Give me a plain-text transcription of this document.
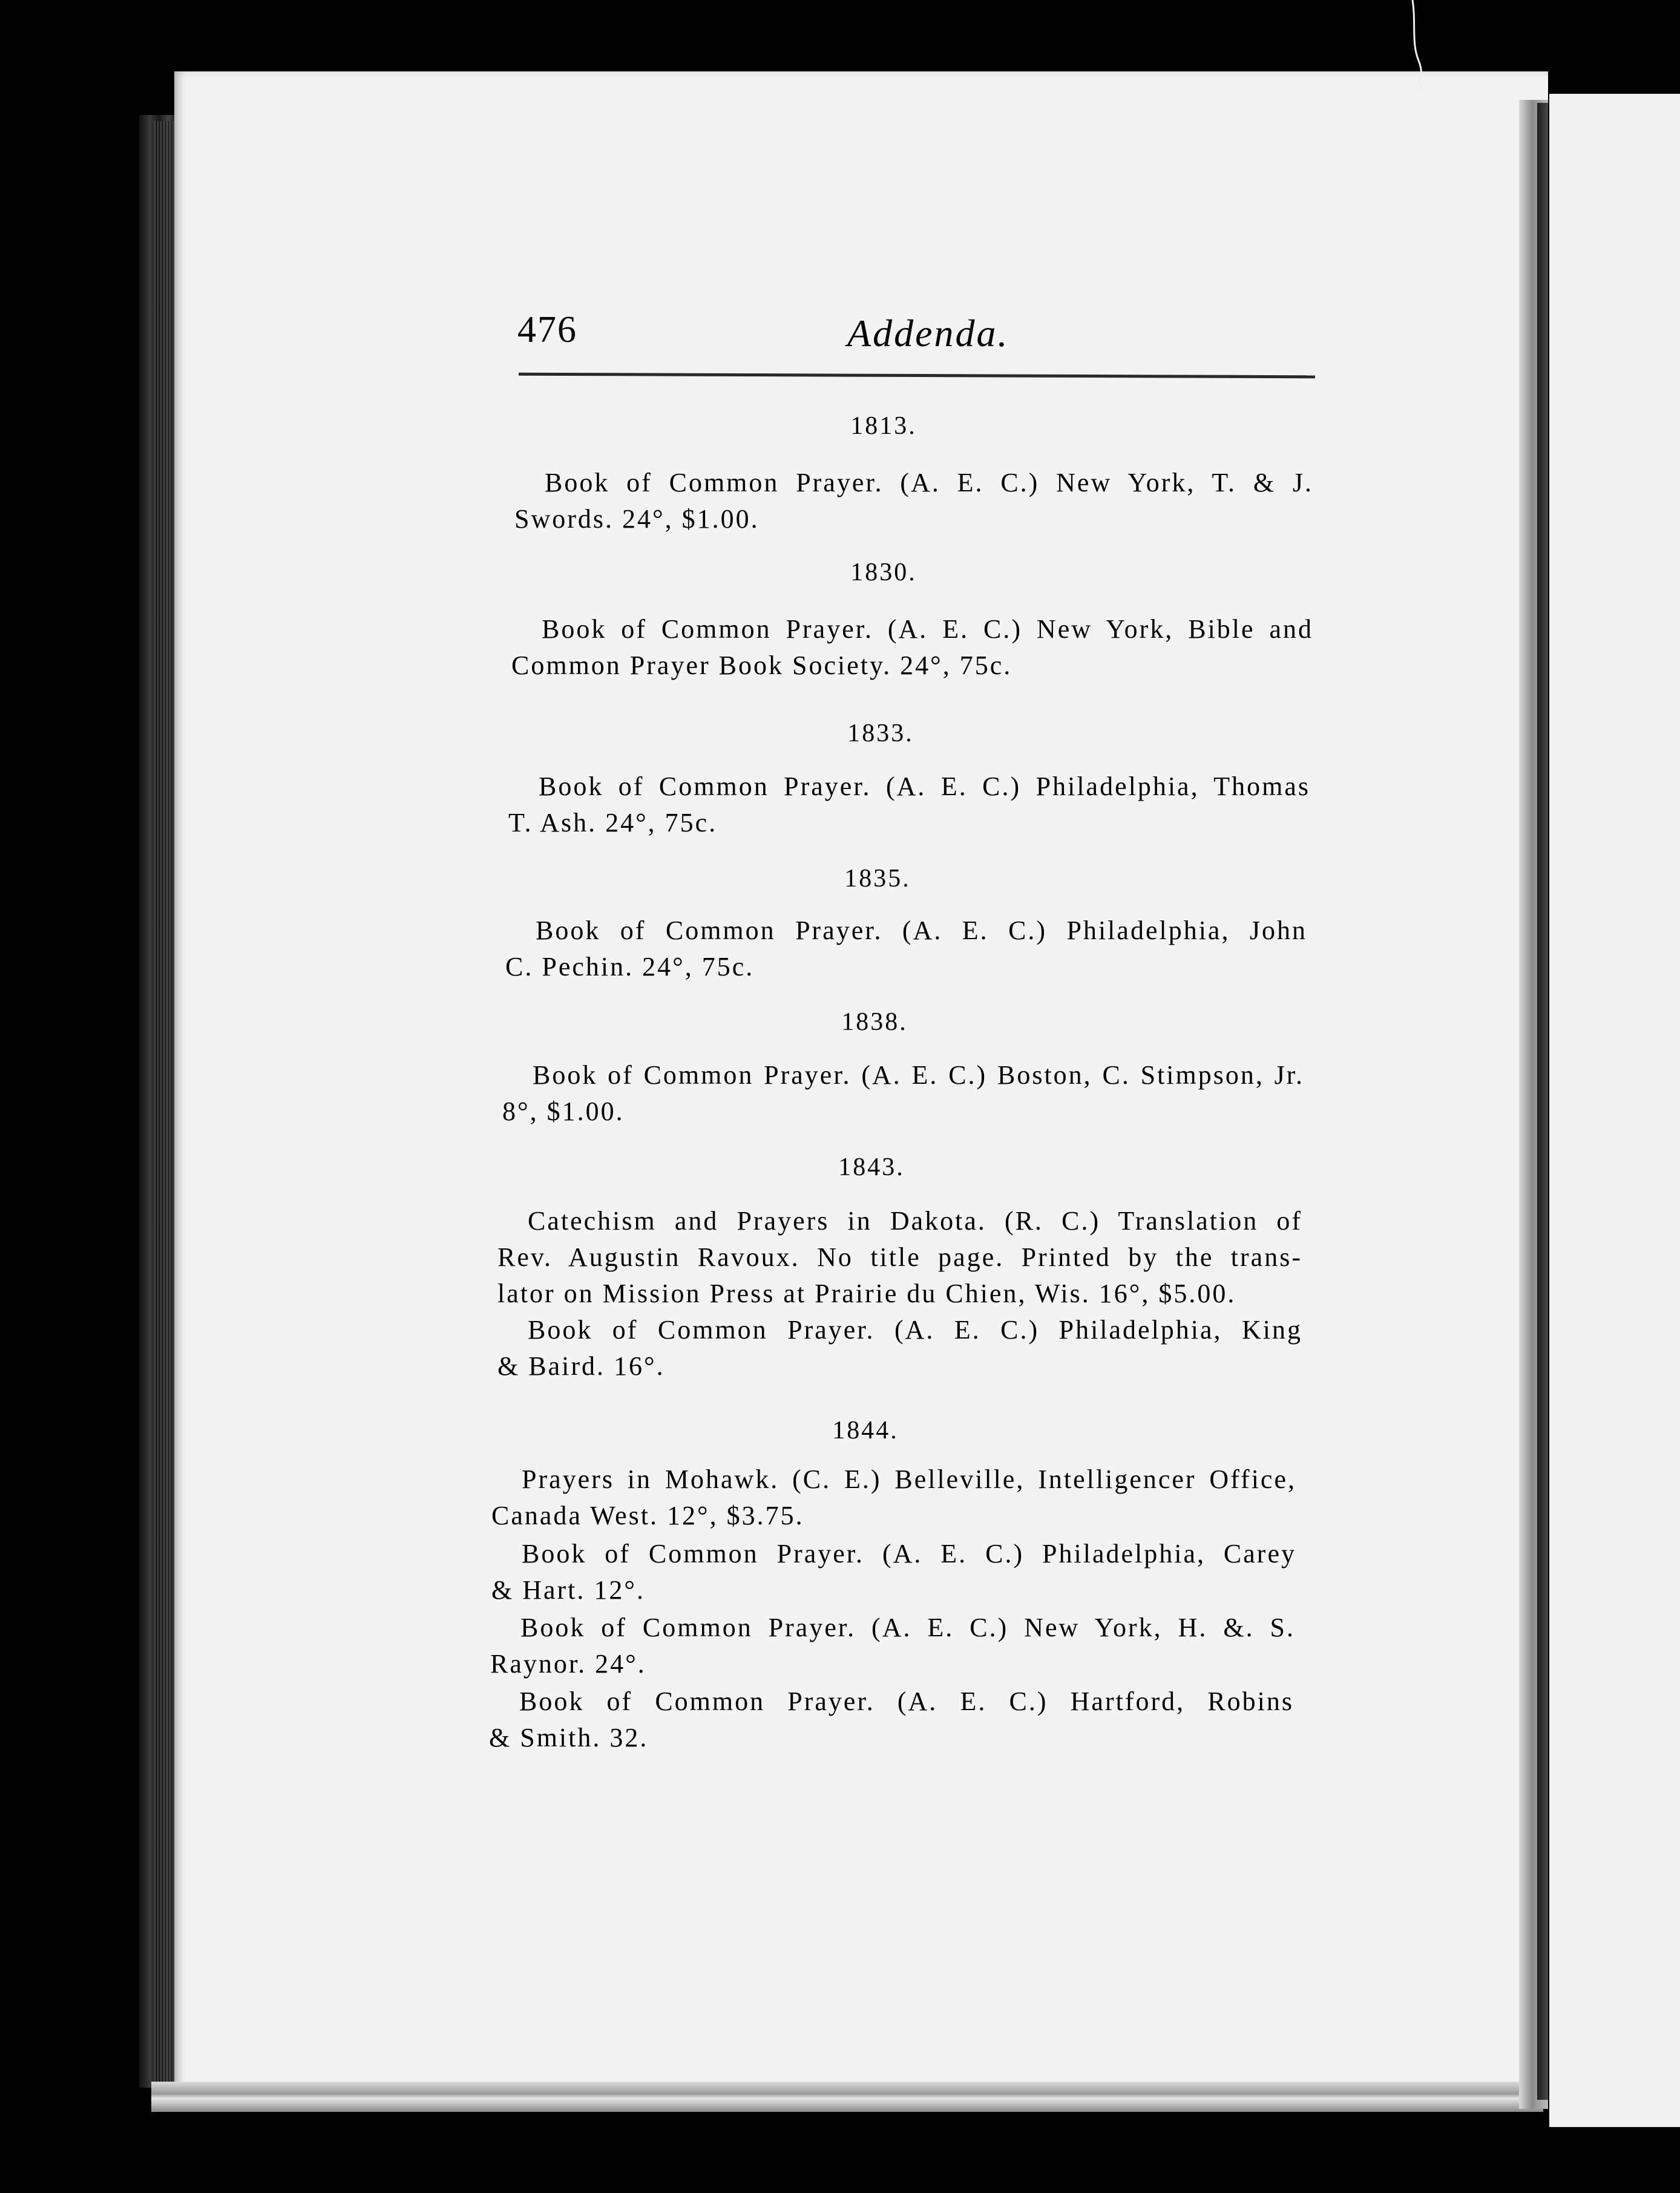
476	Addenda.
1813.
Book of Common Prayer. (A. E. C.) New York, T. & J.
Swords. 24°, $1.00.
1830.
Book of Common Prayer. (A. E. C.) New York, Bible and
Common Prayer Book Society. 24°, 75c.
1833.
Book of Common Prayer. (A. E. C.) Philadelphia, Thomas
T. Ash. 24°, 75c.
1835.
Book of Common Prayer. (A. E. C.) Philadelphia, John
C. Pechin. 24°, 75c.
1838.
Book of Common Prayer. (A. E. C.) Boston, C. Stimpson, Jr.
8°, $1.00.
1843.
Catechism and Prayers in Dakota. (R. C.) Translation of
Rev. Augustin Ravoux. No title page. Printed by the trans-
lator on Mission Press at Prairie du Chien, Wis. 16°, $5.00.
Book of Common Prayer. (A. E. C.) Philadelphia, King
& Baird. 16°.
1844.
Prayers in Mohawk. (C. E.) Belleville, Intelligencer Office,
Canada West. 12°, $3.75.
Book of Common Prayer. (A. E. C.) Philadelphia, Carey
& Hart. 12°.
Book of Common Prayer. (A. E. C.) New York, H. &. S.
Raynor. 24°.
Book of Common Prayer. (A. E. C.) Hartford, Robins
& Smith. 32.
